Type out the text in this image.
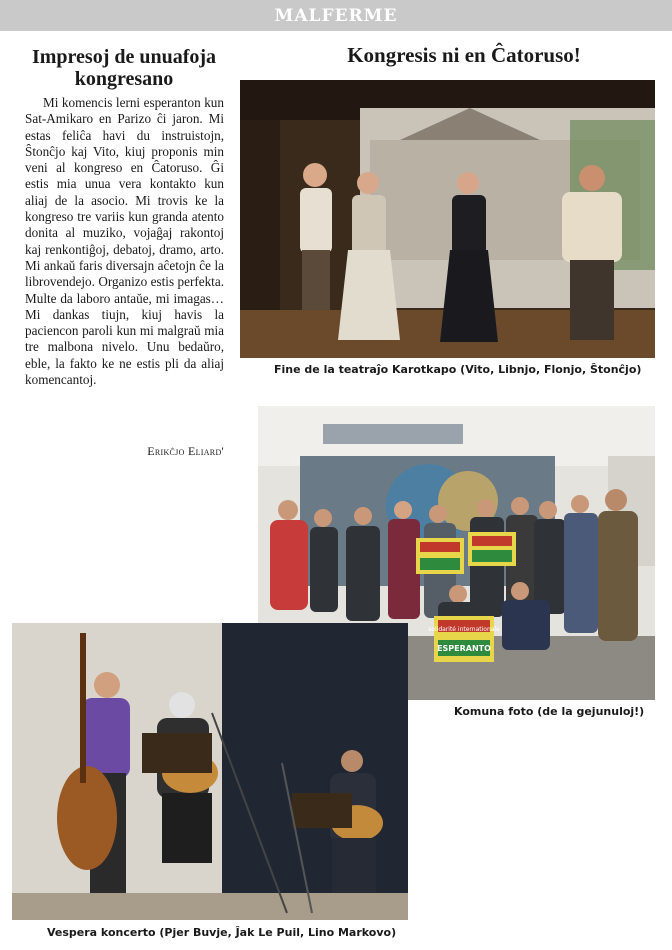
MALFERME
Impresoj de unuafoja kongresano

Mi komencis lerni esperanton kun Sat-Amikaro en Parizo ĉi jaron. Mi estas feliĉa havi du instruistojn, Ŝtonĉjo kaj Vito, kiuj proponis min veni al kongreso en Ĉatoruso. Ĝi estis mia unua vera kontakto kun aliaj de la asocio. Mi trovis ke la kongreso tre variis kun granda atento donita al muziko, vojaĝaj rakontoj kaj renkontiĝoj, debatoj, dramo, arto. Mi ankaŭ faris diversajn aĉetojn ĉe la librovendejo. Organizo estis perfekta. Multe da laboro antaŭe, mi imagas… Mi dankas tiujn, kiuj havis la paciencon paroli kun mi malgraŭ mia tre malbona nivelo. Unu bedaŭro, eble, la fakto ke ne estis pli da aliaj komencantoj.

Erikĉjo Eliard'
Kongresis ni en Ĉatoruso!
Fine de la teatraĵo Karotkapo (Vito, Libnjo, Flonjo, Ŝtonĉjo)
solidarité internationale
ESPERANTO
Komuna foto (de la gejunuloj!)
Vespera koncerto (Pjer Buvje, Ĵak Le Puil, Lino Markovo)
